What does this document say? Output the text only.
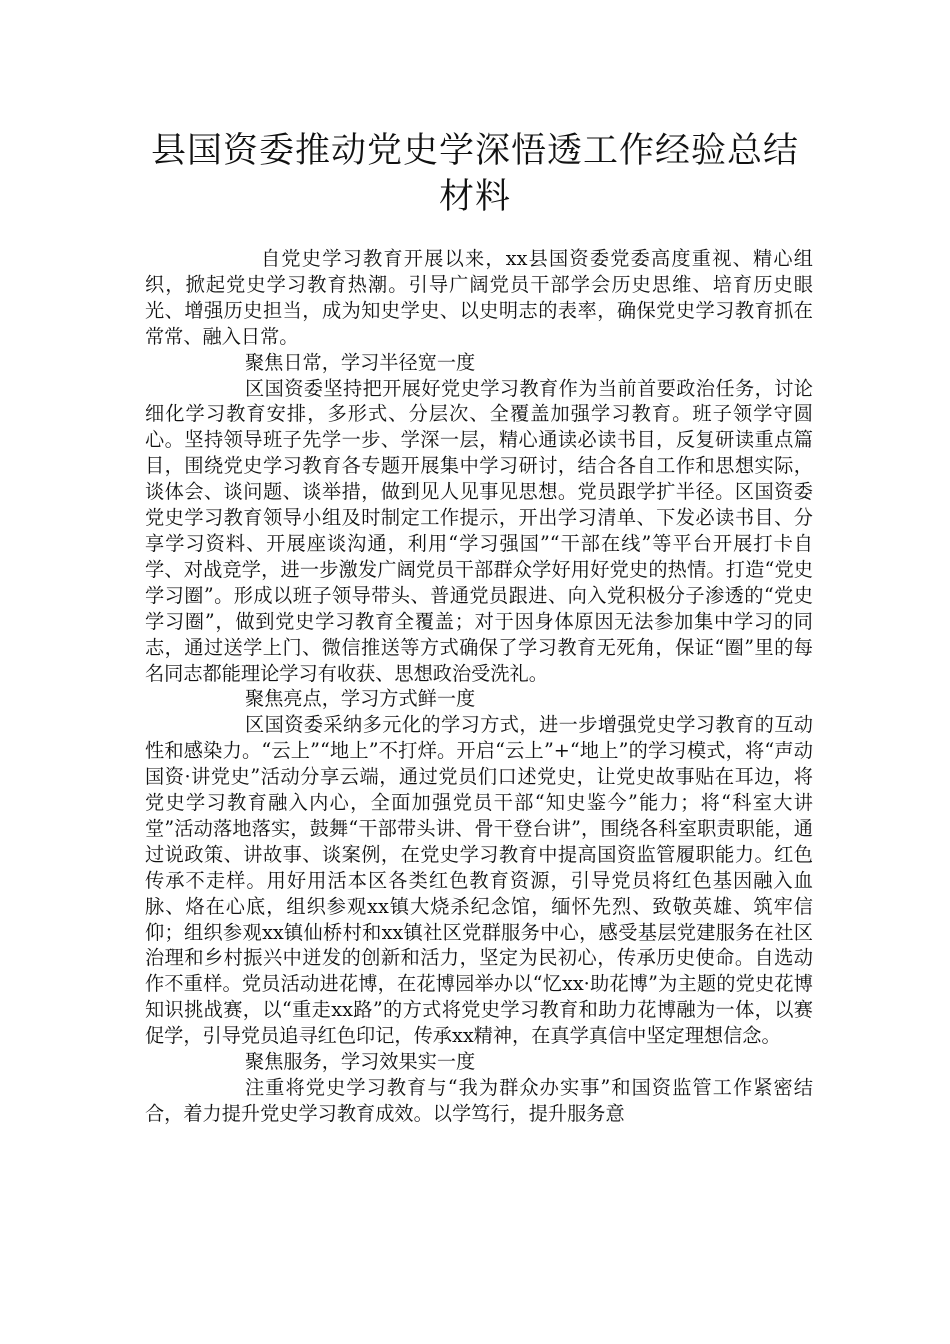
县国资委推动党史学深悟透工作经验总结
材料

自党史学习教育开展以来，xx县国资委党委高度重视、精心组织，掀起党史学习教育热潮。引导广阔党员干部学会历史思维、培育历史眼光、增强历史担当，成为知史学史、以史明志的表率，确保党史学习教育抓在常常、融入日常。

聚焦日常，学习半径宽一度

区国资委坚持把开展好党史学习教育作为当前首要政治任务，讨论细化学习教育安排，多形式、分层次、全覆盖加强学习教育。班子领学守圆心。坚持领导班子先学一步、学深一层，精心通读必读书目，反复研读重点篇目，围绕党史学习教育各专题开展集中学习研讨，结合各自工作和思想实际，谈体会、谈问题、谈举措，做到见人见事见思想。党员跟学扩半径。区国资委党史学习教育领导小组及时制定工作提示，开出学习清单、下发必读书目、分享学习资料、开展座谈沟通，利用“学习强国”“干部在线”等平台开展打卡自学、对战竞学，进一步激发广阔党员干部群众学好用好党史的热情。打造“党史学习圈”。形成以班子领导带头、普通党员跟进、向入党积极分子渗透的“党史学习圈”，做到党史学习教育全覆盖；对于因身体原因无法参加集中学习的同志，通过送学上门、微信推送等方式确保了学习教育无死角，保证“圈”里的每名同志都能理论学习有收获、思想政治受洗礼。

聚焦亮点，学习方式鲜一度

区国资委采纳多元化的学习方式，进一步增强党史学习教育的互动性和感染力。“云上”“地上”不打烊。开启“云上”+“地上”的学习模式，将“声动国资·讲党史”活动分享云端，通过党员们口述党史，让党史故事贴在耳边，将党史学习教育融入内心，全面加强党员干部“知史鉴今”能力；将“科室大讲堂”活动落地落实，鼓舞“干部带头讲、骨干登台讲”，围绕各科室职责职能，通过说政策、讲故事、谈案例，在党史学习教育中提高国资监管履职能力。红色传承不走样。用好用活本区各类红色教育资源，引导党员将红色基因融入血脉、烙在心底，组织参观xx镇大烧杀纪念馆，缅怀先烈、致敬英雄、筑牢信仰；组织参观xx镇仙桥村和xx镇社区党群服务中心，感受基层党建服务在社区治理和乡村振兴中迸发的创新和活力，坚定为民初心，传承历史使命。自选动作不重样。党员活动进花博，在花博园举办以“忆xx·助花博”为主题的党史花博知识挑战赛，以“重走xx路”的方式将党史学习教育和助力花博融为一体，以赛促学，引导党员追寻红色印记，传承xx精神，在真学真信中坚定理想信念。

聚焦服务，学习效果实一度

注重将党史学习教育与“我为群众办实事”和国资监管工作紧密结合，着力提升党史学习教育成效。以学笃行，提升服务意
